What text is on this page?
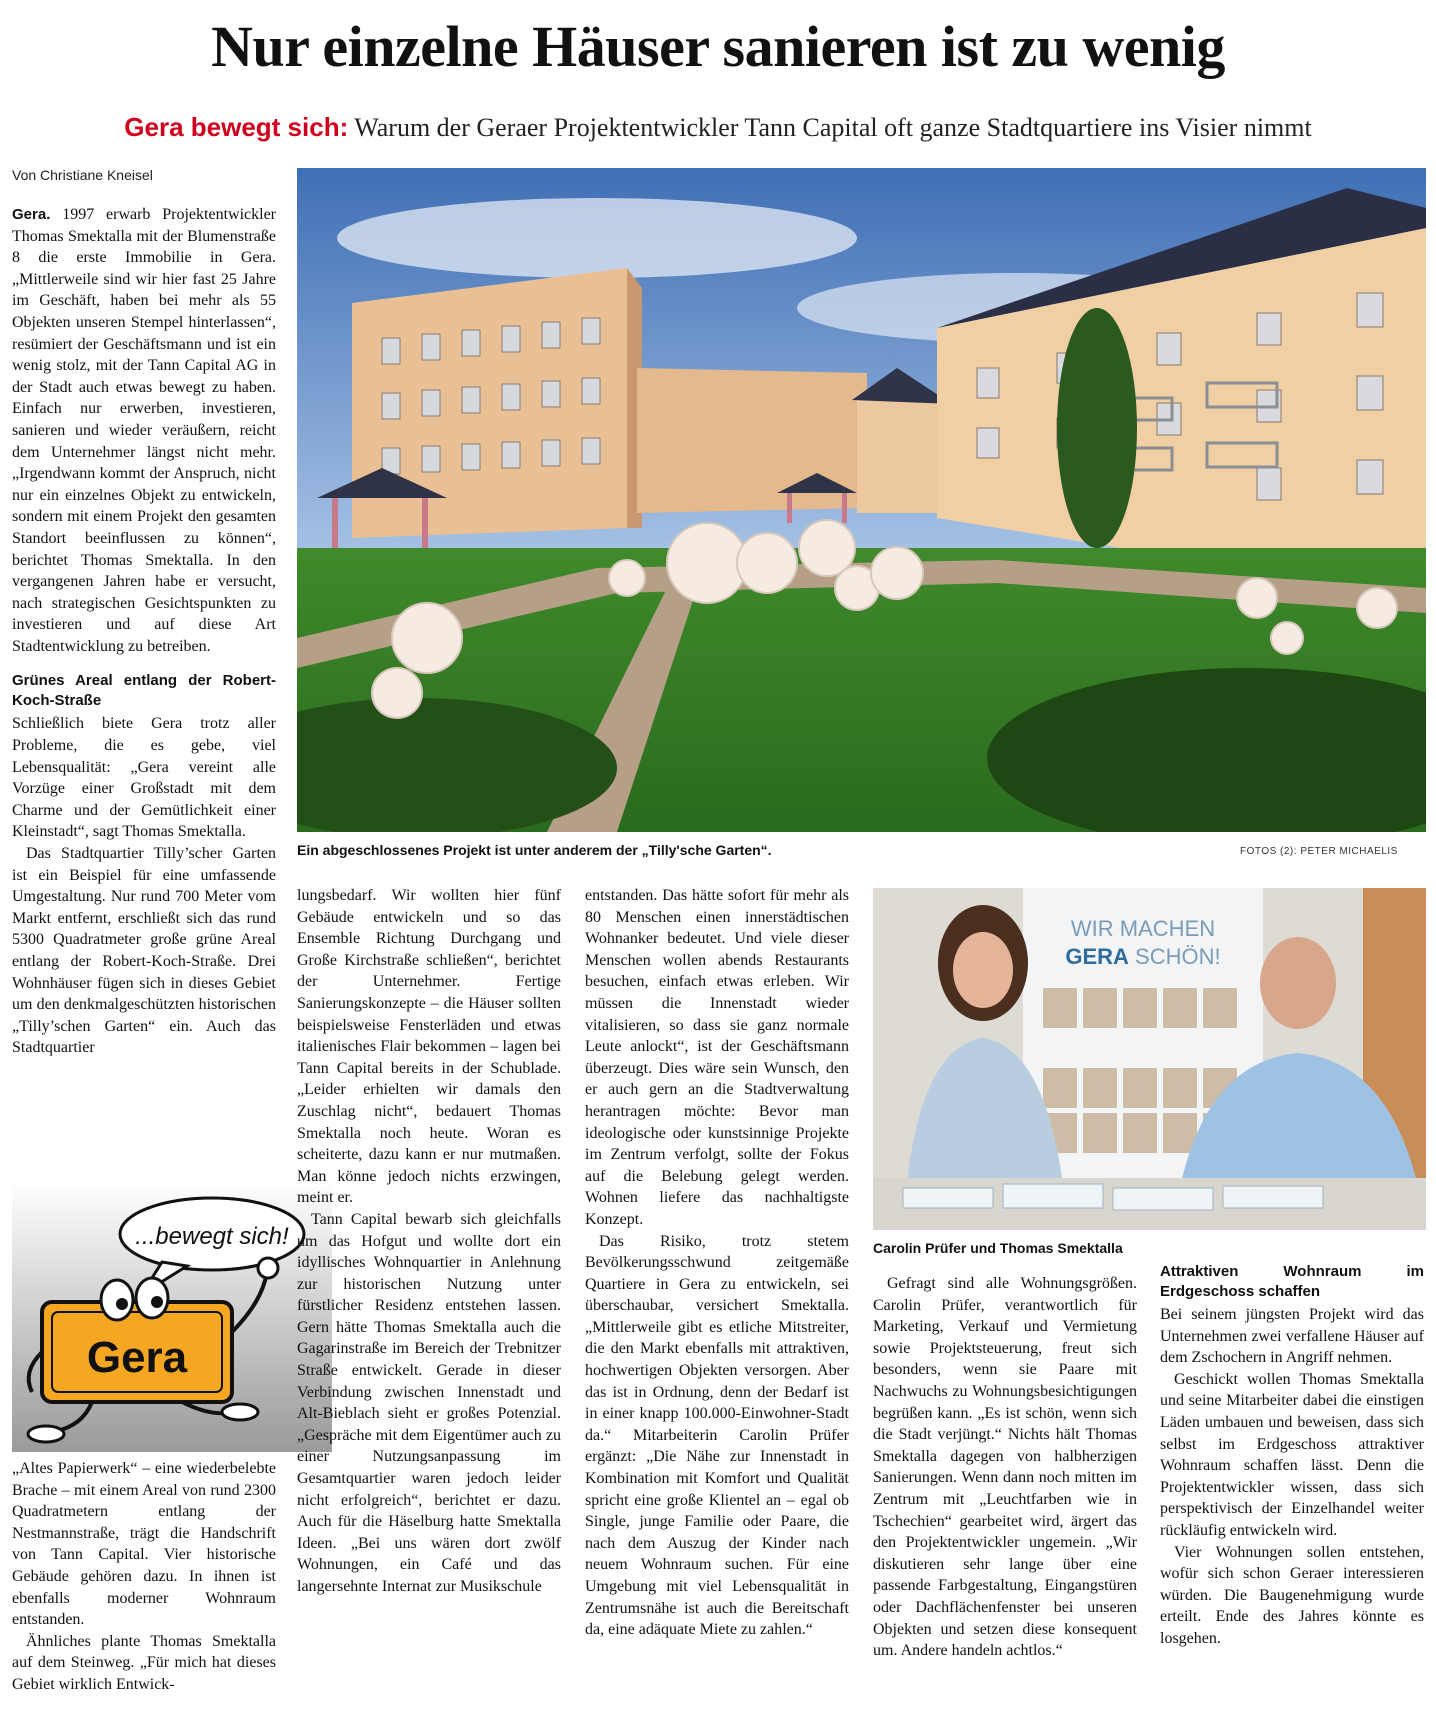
Nur einzelne Häuser sanieren ist zu wenig
Gera bewegt sich: Warum der Geraer Projektentwickler Tann Capital oft ganze Stadtquartiere ins Visier nimmt
Von Christiane Kneisel

Gera. 1997 erwarb Projektentwickler Thomas Smektalla mit der Blumenstraße 8 die erste Immobilie in Gera. „Mittlerweile sind wir hier fast 25 Jahre im Geschäft, haben bei mehr als 55 Objekten unseren Stempel hinterlassen“, resümiert der Geschäftsmann und ist ein wenig stolz, mit der Tann Capital AG in der Stadt auch etwas bewegt zu haben. Einfach nur erwerben, investieren, sanieren und wieder veräußern, reicht dem Unternehmer längst nicht mehr. „Irgendwann kommt der Anspruch, nicht nur ein einzelnes Objekt zu entwickeln, sondern mit einem Projekt den gesamten Standort beeinflussen zu können“, berichtet Thomas Smektalla. In den vergangenen Jahren habe er versucht, nach strategischen Gesichtspunkten zu investieren und auf diese Art Stadtentwicklung zu betreiben.

Grünes Areal entlang der Robert-Koch-Straße

Schließlich biete Gera trotz aller Probleme, die es gebe, viel Lebensqualität: „Gera vereint alle Vorzüge einer Großstadt mit dem Charme und der Gemütlichkeit einer Kleinstadt“, sagt Thomas Smektalla.

Das Stadtquartier Tilly’scher Garten ist ein Beispiel für eine umfassende Umgestaltung. Nur rund 700 Meter vom Markt entfernt, erschließt sich das rund 5300 Quadratmeter große grüne Areal entlang der Robert-Koch-Straße. Drei Wohnhäuser fügen sich in dieses Gebiet um den denkmalgeschützten historischen „Tilly’schen Garten“ ein. Auch das Stadtquartier

...bewegt sich!
Gera

„Altes Papierwerk“ – eine wiederbelebte Brache – mit einem Areal von rund 2300 Quadratmetern entlang der Nestmannstraße, trägt die Handschrift von Tann Capital. Vier historische Gebäude gehören dazu. In ihnen ist ebenfalls moderner Wohnraum entstanden.

Ähnliches plante Thomas Smektalla auf dem Steinweg. „Für mich hat dieses Gebiet wirklich Entwick-

Ein abgeschlossenes Projekt ist unter anderem der „Tilly'sche Garten“.	FOTOS (2): PETER MICHAELIS

lungsbedarf. Wir wollten hier fünf Gebäude entwickeln und so das Ensemble Richtung Durchgang und Große Kirchstraße schließen“, berichtet der Unternehmer. Fertige Sanierungskonzepte – die Häuser sollten beispielsweise Fensterläden und etwas italienisches Flair bekommen – lagen bei Tann Capital bereits in der Schublade. „Leider erhielten wir damals den Zuschlag nicht“, bedauert Thomas Smektalla noch heute. Woran es scheiterte, dazu kann er nur mutmaßen. Man könne jedoch nichts erzwingen, meint er.

Tann Capital bewarb sich gleichfalls um das Hofgut und wollte dort ein idyllisches Wohnquartier in Anlehnung zur historischen Nutzung unter fürstlicher Residenz entstehen lassen. Gern hätte Thomas Smektalla auch die Gagarinstraße im Bereich der Trebnitzer Straße entwickelt. Gerade in dieser Verbindung zwischen Innenstadt und Alt-Bieblach sieht er großes Potenzial. „Gespräche mit dem Eigentümer auch zu einer Nutzungsanpassung im Gesamtquartier waren jedoch leider nicht erfolgreich“, berichtet er dazu. Auch für die Häselburg hatte Smektalla Ideen. „Bei uns wären dort zwölf Wohnungen, ein Café und das langersehnte Internat zur Musikschule

entstanden. Das hätte sofort für mehr als 80 Menschen einen innerstädtischen Wohnanker bedeutet. Und viele dieser Menschen wollen abends Restaurants besuchen, einfach etwas erleben. Wir müssen die Innenstadt wieder vitalisieren, so dass sie ganz normale Leute anlockt“, ist der Geschäftsmann überzeugt. Dies wäre sein Wunsch, den er auch gern an die Stadtverwaltung herantragen möchte: Bevor man ideologische oder kunstsinnige Projekte im Zentrum verfolgt, sollte der Fokus auf die Belebung gelegt werden. Wohnen liefere das nachhaltigste Konzept.

Das Risiko, trotz stetem Bevölkerungsschwund zeitgemäße Quartiere in Gera zu entwickeln, sei überschaubar, versichert Smektalla. „Mittlerweile gibt es etliche Mitstreiter, die den Markt ebenfalls mit attraktiven, hochwertigen Objekten versorgen. Aber das ist in Ordnung, denn der Bedarf ist in einer knapp 100.000-Einwohner-Stadt da.“ Mitarbeiterin Carolin Prüfer ergänzt: „Die Nähe zur Innenstadt in Kombination mit Komfort und Qualität spricht eine große Klientel an – egal ob Single, junge Familie oder Paare, die nach dem Auszug der Kinder nach neuem Wohnraum suchen. Für eine Umgebung mit viel Lebensqualität in Zentrumsnähe ist auch die Bereitschaft da, eine adäquate Miete zu zahlen.“

WIR MACHEN
GERA SCHÖN!
Carolin Prüfer und Thomas Smektalla

Gefragt sind alle Wohnungsgrößen. Carolin Prüfer, verantwortlich für Marketing, Verkauf und Vermietung sowie Projektsteuerung, freut sich besonders, wenn sie Paare mit Nachwuchs zu Wohnungsbesichtigungen begrüßen kann. „Es ist schön, wenn sich die Stadt verjüngt.“ Nichts hält Thomas Smektalla dagegen von halbherzigen Sanierungen. Wenn dann noch mitten im Zentrum mit „Leuchtfarben wie in Tschechien“ gearbeitet wird, ärgert das den Projektentwickler ungemein. „Wir diskutieren sehr lange über eine passende Farbgestaltung, Eingangstüren oder Dachflächenfenster bei unseren Objekten und setzen diese konsequent um. Andere handeln achtlos.“

Attraktiven Wohnraum im Erdgeschoss schaffen

Bei seinem jüngsten Projekt wird das Unternehmen zwei verfallene Häuser auf dem Zschochern in Angriff nehmen.

Geschickt wollen Thomas Smektalla und seine Mitarbeiter dabei die einstigen Läden umbauen und beweisen, dass sich selbst im Erdgeschoss attraktiver Wohnraum schaffen lässt. Denn die Projektentwickler wissen, dass sich perspektivisch der Einzelhandel weiter rückläufig entwickeln wird.

Vier Wohnungen sollen entstehen, wofür sich schon Geraer interessieren würden. Die Baugenehmigung wurde erteilt. Ende des Jahres könnte es losgehen.
